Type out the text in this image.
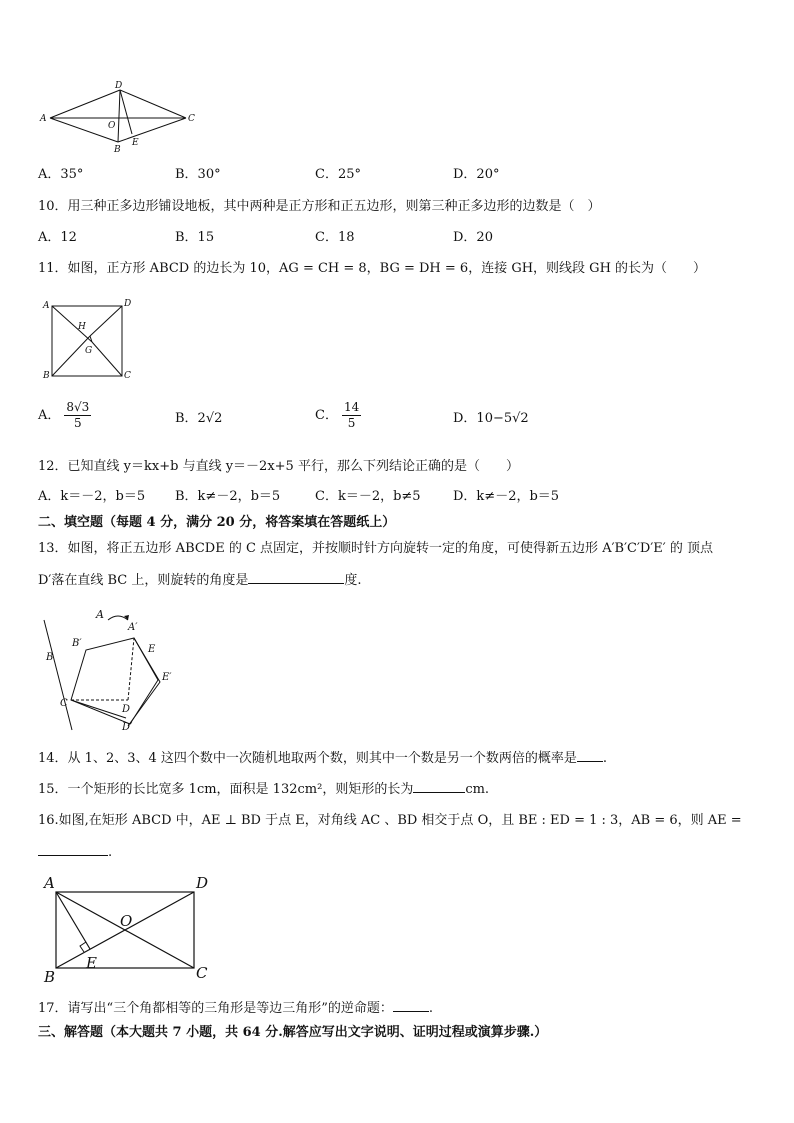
D
A
O
C
B
E
A．35°	B．30°	C．25°	D．20°
10．用三种正多边形铺设地板，其中两种是正方形和正五边形，则第三种正多边形的边数是（　）
A．12	B．15	C．18	D．20
11．如图，正方形 ABCD 的边长为 10，AG = CH = 8，BG = DH = 6，连接 GH，则线段 GH 的长为（　　）
A	D
H
G
B	C
A． $\frac{8√3}{5}$	B．2√2	C． $\frac{14}{5}$	D．10−5√2
12．已知直线 y＝kx+b 与直线 y＝－2x+5 平行，那么下列结论正确的是（　　）
A．k＝－2，b＝5 B．k≠－2，b＝5	C．k＝－2，b≠5 D．k≠－2，b＝5
二、填空题（每题 4 分，满分 20 分，将答案填在答题纸上）
13．如图，将正五边形 ABCDE 的 C 点固定，并按顺时针方向旋转一定的角度，可使得新五边形 A′B′C′D′E′ 的 顶点
D′落在直线 BC 上，则旋转的角度是	度.
A
A′
B′
B
E
E′
C
D
D′
14．从 1、2、3、4 这四个数中一次随机地取两个数，则其中一个数是另一个数两倍的概率是 .
15．一个矩形的长比宽多 1cm，面积是 132cm²，则矩形的长为	cm.
16.如图,在矩形 ABCD 中，AE ⊥ BD 于点 E，对角线 AC 、BD 相交于点 O，且 BE : ED = 1 : 3，AB = 6，则 AE =
.
A	D
O
B
E
C
17．请写出“三个角都相等的三角形是等边三角形”的逆命题：	.
三、解答题（本大题共 7 小题，共 64 分.解答应写出文字说明、证明过程或演算步骤.）
